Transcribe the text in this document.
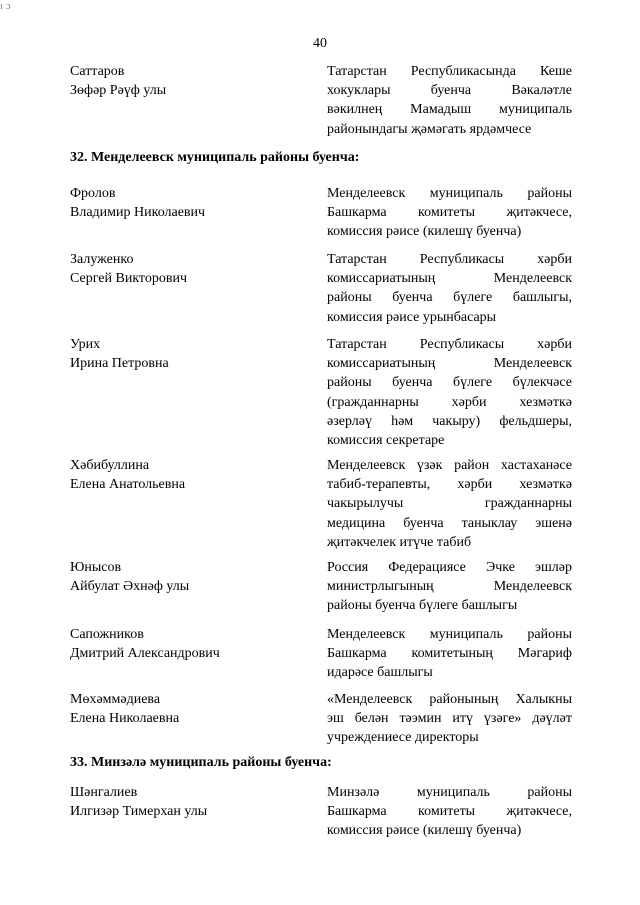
40
Саттаров
Зөфәр Рәүф улы
Татарстан Республикасында Кеше
хокуклары буенча Вәкаләтле
вәкилнең Мамадыш муниципаль
районындагы җәмәгать ярдәмчесе
32. Менделеевск муниципаль районы буенча:
Фролов
Владимир Николаевич
Менделеевск муниципаль районы
Башкарма комитеты җитәкчесе,
комиссия рәисе (килешү буенча)
Залуженко
Сергей Викторович
Татарстан Республикасы хәрби
комиссариатының Менделеевск
районы буенча бүлеге башлыгы,
комиссия рәисе урынбасары
Урих
Ирина Петровна
Татарстан Республикасы хәрби
комиссариатының Менделеевск
районы буенча бүлеге бүлекчәсе
(гражданнарны хәрби хезмәткә
әзерләү һәм чакыру) фельдшеры,
комиссия секретаре
Хәбибуллина
Елена Анатольевна
Менделеевск үзәк район хастаханәсе
табиб-терапевты, хәрби хезмәткә
чакырылучы гражданнарны
медицина буенча таныклау эшенә
җитәкчелек итүче табиб
Юнысов
Айбулат Әхнәф улы
Россия Федерациясе Эчке эшләр
министрлыгының Менделеевск
районы буенча бүлеге башлыгы
Сапожников
Дмитрий Александрович
Менделеевск муниципаль районы
Башкарма комитетының Мәгариф
идарәсе башлыгы
Мөхәммәдиева
Елена Николаевна
«Менделеевск районының Халыкны
эш белән тәэмин итү үзәге» дәүләт
учреждениесе директоры
33. Минзәлә муниципаль районы буенча:
Шәнгалиев
Илгизәр Тимерхан улы
Минзәлә муниципаль районы
Башкарма комитеты җитәкчесе,
комиссия рәисе (килешү буенча)
ı ɔ
